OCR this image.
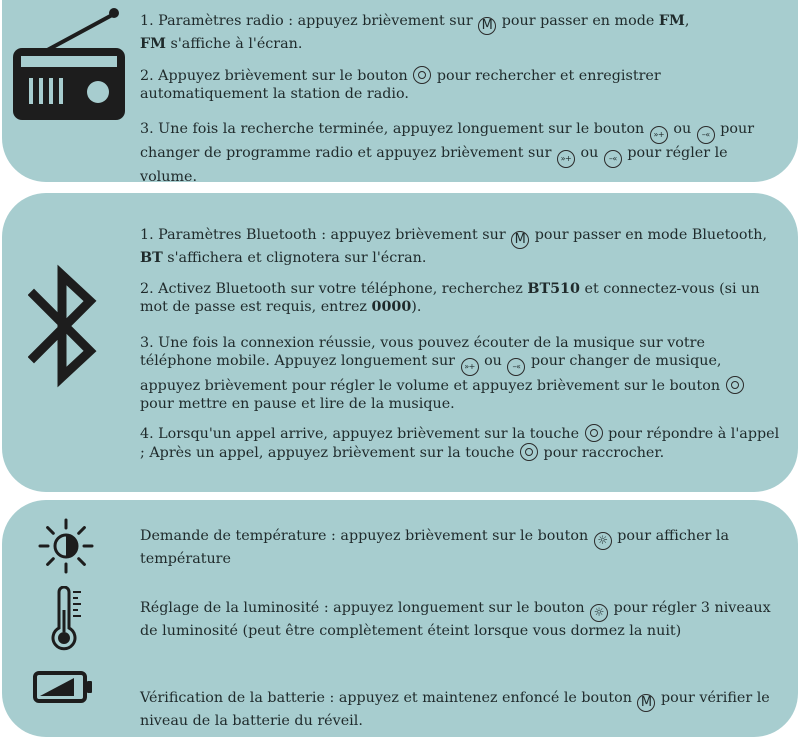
1. Paramètres radio : appuyez brièvement sur M pour passer en mode FM,
FM s'affiche à l'écran.

2. Appuyez brièvement sur le bouton  pour rechercher et enregistrer automatiquement la station de radio.

3. Une fois la recherche terminée, appuyez longuement sur le bouton »+ ou –« pour changer de programme radio et appuyez brièvement sur »+ ou –« pour régler le volume.

1. Paramètres Bluetooth : appuyez brièvement sur M pour passer en mode Bluetooth, BT s'affichera et clignotera sur l'écran.

2. Activez Bluetooth sur votre téléphone, recherchez BT510 et connectez-vous (si un mot de passe est requis, entrez 0000).

3. Une fois la connexion réussie, vous pouvez écouter de la musique sur votre téléphone mobile. Appuyez longuement sur »+ ou –« pour changer de musique, appuyez brièvement pour régler le volume et appuyez brièvement sur le bouton  pour mettre en pause et lire de la musique.

4. Lorsqu'un appel arrive, appuyez brièvement sur la touche  pour répondre à l'appel ; Après un appel, appuyez brièvement sur la touche  pour raccrocher.

Demande de température : appuyez brièvement sur le bouton ☼ pour afficher la température

Réglage de la luminosité : appuyez longuement sur le bouton ☼ pour régler 3 niveaux de luminosité (peut être complètement éteint lorsque vous dormez la nuit)

Vérification de la batterie : appuyez et maintenez enfoncé le bouton M pour vérifier le niveau de la batterie du réveil.
